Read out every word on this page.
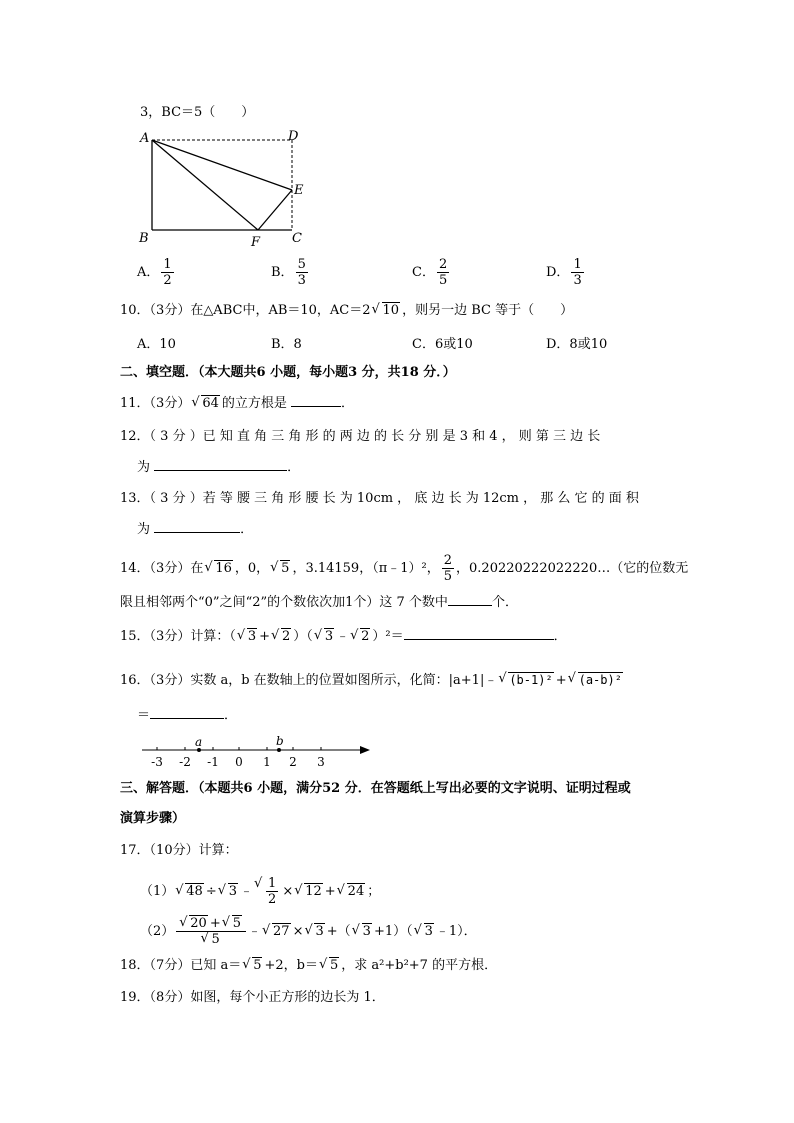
3，BC＝5（　　）
A	D
E
B	F C
A． $\frac{1}{2}$	B． $\frac{5}{3}$	C． $\frac{2}{5}$	D． $\frac{1}{3}$
10．（3分）在△ABC中，AB＝10，AC＝2 √ 10 ，则另一边 BC 等于（　　）
A．10	B．8	C．6或10	D．8或10
二、填空题．（本大题共6 小题，每小题3 分，共18 分．）
11．（3分） √ 64 的立方根是	．
12．（ 3 分 ）已 知 直 角 三 角 形 的 两 边 的 长 分 别 是 3 和 4 ， 则 第 三 边 长
为	．
13．（ 3 分 ）若 等 腰 三 角 形 腰 长 为 10cm ， 底 边 长 为 12cm ， 那 么 它 的 面 积
为	．
14．（3分）在 √ 16 ，0， √ 5 ，3.14159，（π﹣1）²， $\frac{2}{5}$ ，0.20220222022220…（它的位数无
限且相邻两个“0”之间“2”的个数依次加1个）这 7 个数中	个．
15．（3分）计算：（ √ 3 + √ 2 ）（ √ 3 ﹣ √ 2 ）²＝	．
16．（3分）实数 a，b 在数轴上的位置如图所示，化简：|a+1|﹣ √ (b-1)² + √ (a-b)²
＝	．
a	b
-3 -2 -1 0 1 2 3
三、解答题．（本题共6 小题，满分52 分．在答题纸上写出必要的文字说明、证明过程或
演算步骤）
17．（10分）计算：
（1） √ 48 ÷ √ 3 ﹣ √ $\frac{1}{2}$ × √ 12 + √ 24 ；
（2） √ 20 + √ 5
√ 5 ﹣ √ 27 × √ 3 +（ √ 3 +1）（ √ 3 ﹣1）．
18．（7分）已知 a＝ √ 5 +2，b＝ √ 5 ，求 a²+b²+7 的平方根．
19．（8分）如图，每个小正方形的边长为 1．
